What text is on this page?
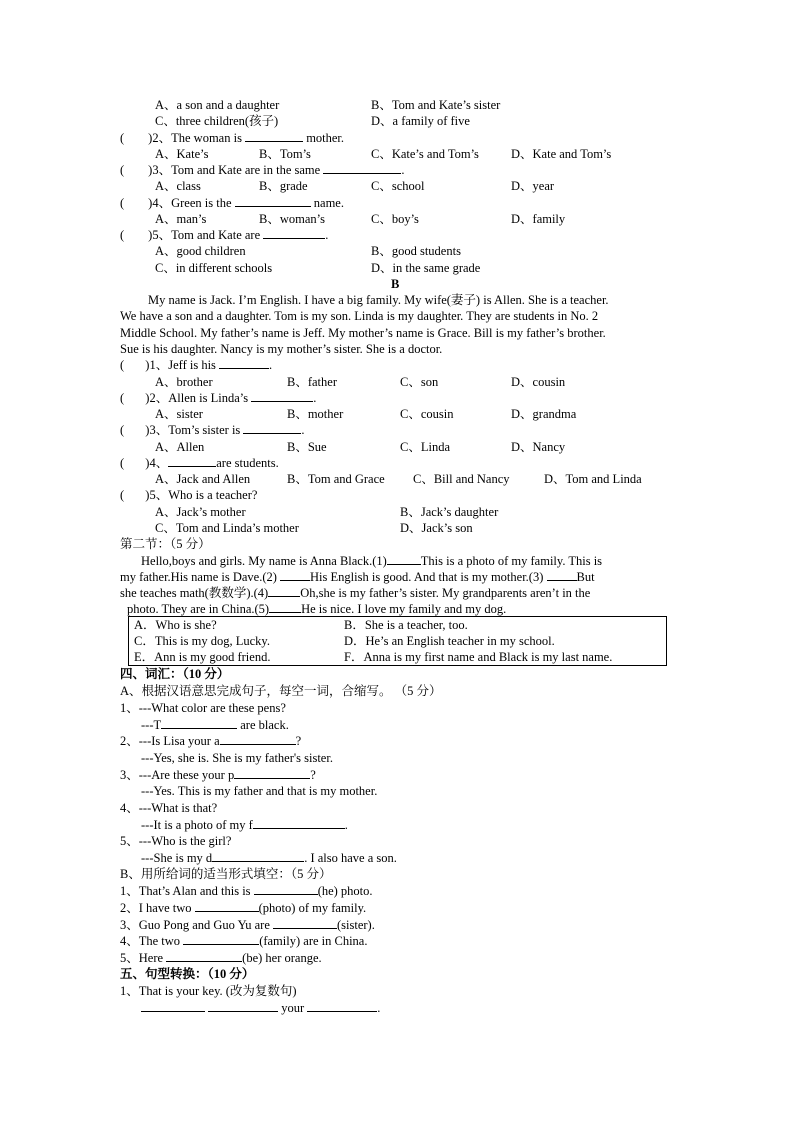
A、a son and a daughter	B、Tom and Kate’s sister
C、three children(孩子)	D、a family of five
( )2、The woman is	mother.
A、Kate’s	B、Tom’s	C、Kate’s and Tom’s	D、Kate and Tom’s
( )3、Tom and Kate are in the same	.
A、class	B、grade	C、school	D、year
( )4、Green is the	name.
A、man’s	B、woman’s	C、boy’s	D、family
( )5、Tom and Kate are	.
A、good children	B、good students
C、in different schools	D、in the same grade
B
My name is Jack. I’m English. I have a big family. My wife(妻子) is Allen. She is a teacher.
We have a son and a daughter. Tom is my son. Linda is my daughter. They are students in No. 2
Middle School. My father’s name is Jeff. My mother’s name is Grace. Bill is my father’s brother.
Sue is his daughter. Nancy is my mother’s sister. She is a doctor.
( )1、Jeff is his	.
A、brother	B、father	C、son	D、cousin
( )2、Allen is Linda’s	.
A、sister	B、mother	C、cousin	D、grandma
( )3、Tom’s sister is	.
A、Allen	B、Sue	C、Linda	D、Nancy
( )4、	are students.
A、Jack and Allen	B、Tom and Grace C、Bill and Nancy	D、Tom and Linda
( )5、Who is a teacher?
A、Jack’s mother	B、Jack’s daughter
C、Tom and Linda’s mother	D、Jack’s son
第二节：（5 分）
Hello,boys and girls. My name is Anna Black.(1)	This is a photo of my family. This is
my father.His name is Dave.(2)	His English is good. And that is my mother.(3)	But
she teaches math(教数学).(4)	Oh,she is my father’s sister. My grandparents aren’t in the
photo. They are in China.(5)	He is nice. I love my family and my dog.
A．Who is she?	B．She is a teacher, too.
C．This is my dog, Lucky.	D．He’s an English teacher in my school.
E．Ann is my good friend.	F．Anna is my first name and Black is my last name.
四、词汇：（10 分）
A、根据汉语意思完成句子，每空一词，合缩写。 （5 分）
1、---What color are these pens?
---T	are black.
2、---Is Lisa your a	?
---Yes, she is. She is my father's sister.
3、---Are these your p	?
---Yes. This is my father and that is my mother.
4、---What is that?
---It is a photo of my f	.
5、---Who is the girl?
---She is my d	. I also have a son.
B、用所给词的适当形式填空：（5 分）
1、That’s Alan and this is	(he) photo.
2、I have two	(photo) of my family.
3、Guo Pong and Guo Yu are	(sister).
4、The two	(family) are in China.
5、Here	(be) her orange.
五、句型转换：（10 分）
1、That is your key. (改为复数句)
your	.
